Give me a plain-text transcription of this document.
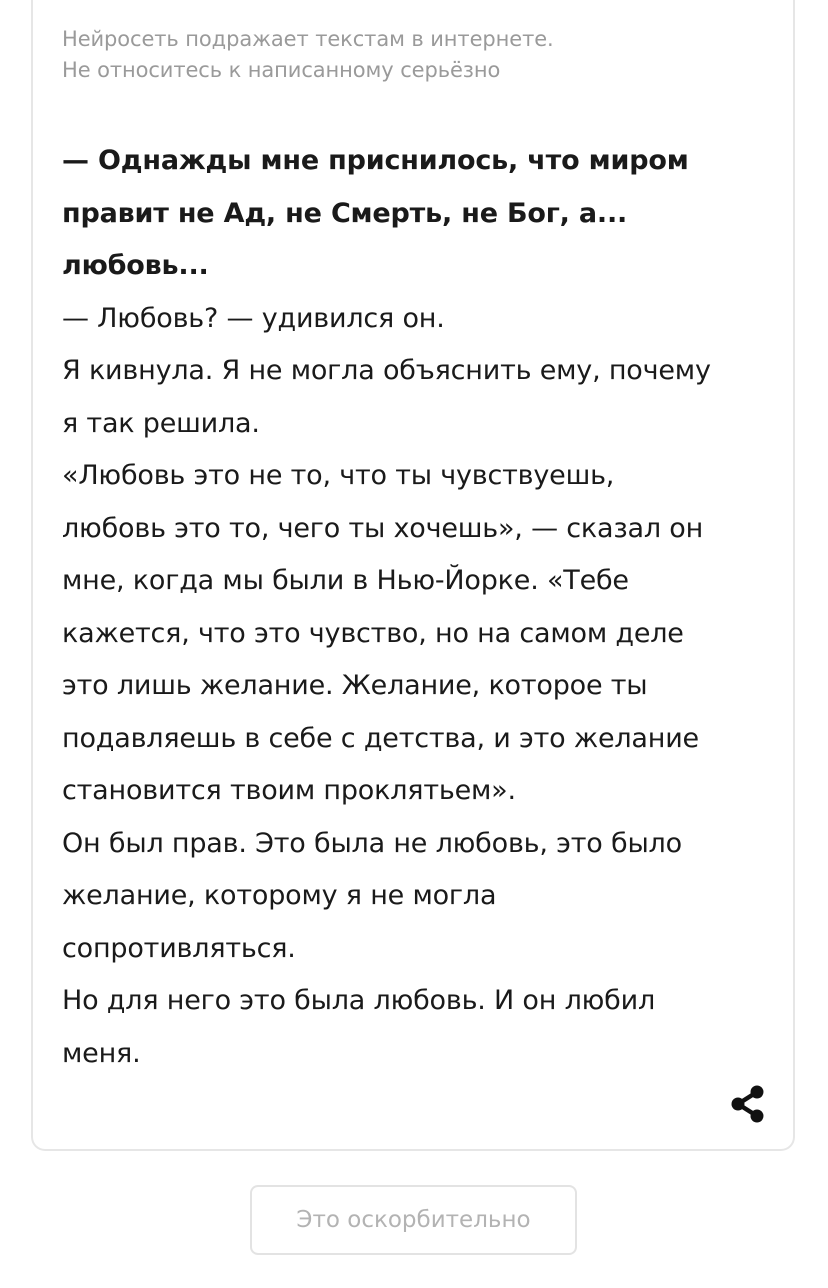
Нейросеть подражает текстам в интернете.
Не относитесь к написанному серьёзно
— Однажды мне приснилось, что миром
правит не Ад, не Смерть, не Бог, а...
любовь...
— Любовь? — удивился он.
Я кивнула. Я не могла объяснить ему, почему
я так решила.
«Любовь это не то, что ты чувствуешь,
любовь это то, чего ты хочешь», — сказал он
мне, когда мы были в Нью-Йорке. «Тебе
кажется, что это чувство, но на самом деле
это лишь желание. Желание, которое ты
подавляешь в себе с детства, и это желание
становится твоим проклятьем».
Он был прав. Это была не любовь, это было
желание, которому я не могла
сопротивляться.
Но для него это была любовь. И он любил
меня.
Это оскорбительно
